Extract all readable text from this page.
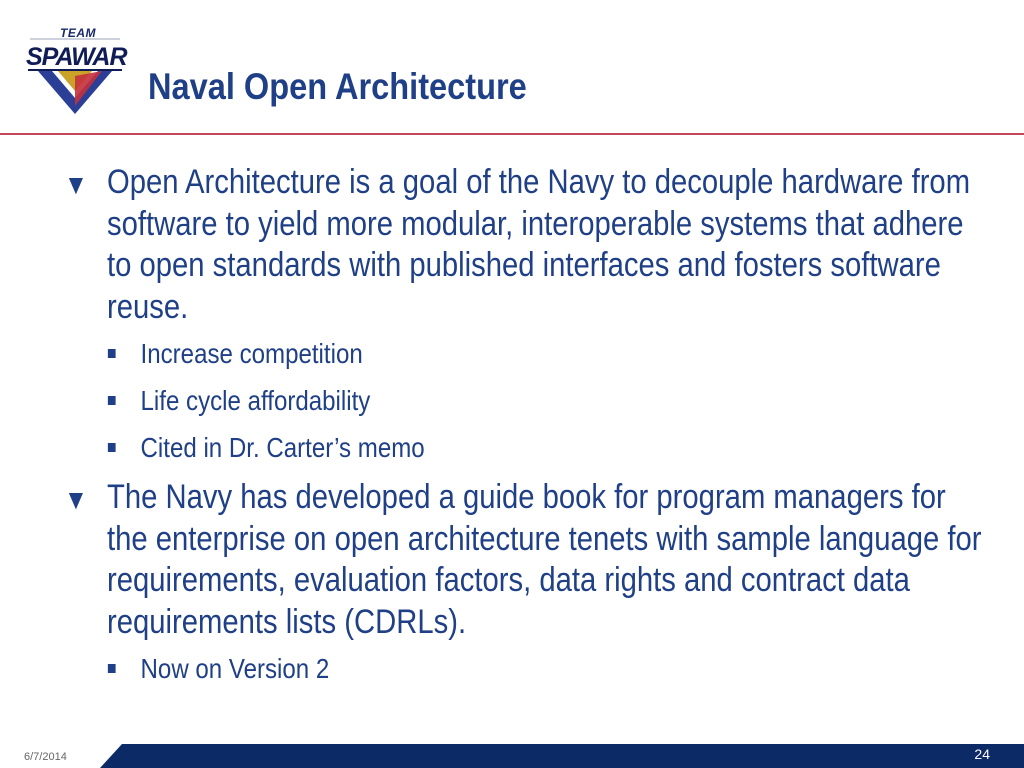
TEAM
SPAWAR
Naval Open Architecture
▼ Open Architecture is a goal of the Navy to decouple hardware from software to yield more modular, interoperable systems that adhere to open standards with published interfaces and fosters software reuse.
Increase competition
Life cycle affordability
Cited in Dr. Carter’s memo
▼ The Navy has developed a guide book for program managers for the enterprise on open architecture tenets with sample language for requirements, evaluation factors, data rights and contract data requirements lists (CDRLs).
Now on Version 2
6/7/2014	24
